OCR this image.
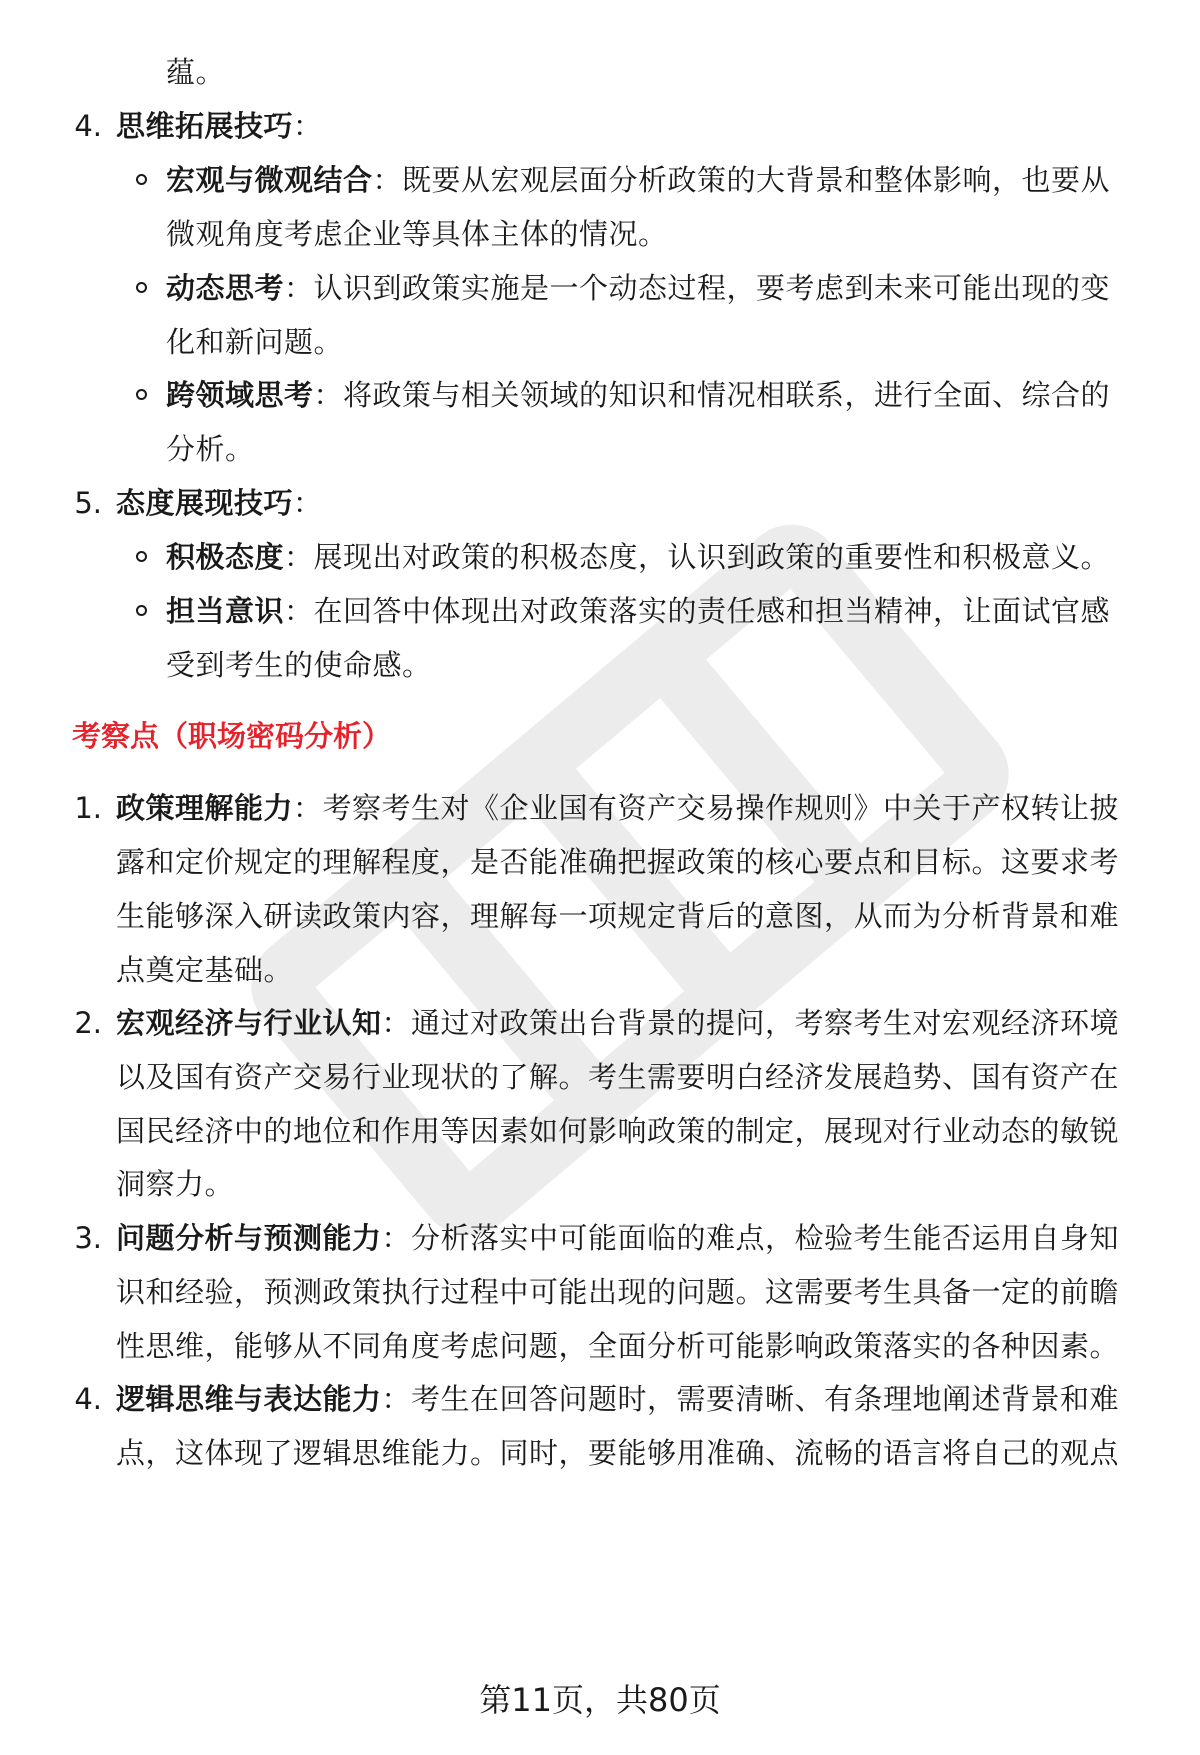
蕴。
4. 思维拓展技巧：
宏观与微观结合：既要从宏观层面分析政策的大背景和整体影响，也要从
微观角度考虑企业等具体主体的情况。
动态思考：认识到政策实施是一个动态过程，要考虑到未来可能出现的变
化和新问题。
跨领域思考：将政策与相关领域的知识和情况相联系，进行全面、综合的
分析。
5. 态度展现技巧：
积极态度：展现出对政策的积极态度，认识到政策的重要性和积极意义。
担当意识：在回答中体现出对政策落实的责任感和担当精神，让面试官感
受到考生的使命感。
考察点（职场密码分析）
1. 政策理解能力：考察考生对《企业国有资产交易操作规则》中关于产权转让披
露和定价规定的理解程度，是否能准确把握政策的核心要点和目标。这要求考
生能够深入研读政策内容，理解每一项规定背后的意图，从而为分析背景和难
点奠定基础。
2. 宏观经济与行业认知：通过对政策出台背景的提问，考察考生对宏观经济环境
以及国有资产交易行业现状的了解。考生需要明白经济发展趋势、国有资产在
国民经济中的地位和作用等因素如何影响政策的制定，展现对行业动态的敏锐
洞察力。
3. 问题分析与预测能力：分析落实中可能面临的难点，检验考生能否运用自身知
识和经验，预测政策执行过程中可能出现的问题。这需要考生具备一定的前瞻
性思维，能够从不同角度考虑问题，全面分析可能影响政策落实的各种因素。
4. 逻辑思维与表达能力：考生在回答问题时，需要清晰、有条理地阐述背景和难
点，这体现了逻辑思维能力。同时，要能够用准确、流畅的语言将自己的观点
第11页，共80页
